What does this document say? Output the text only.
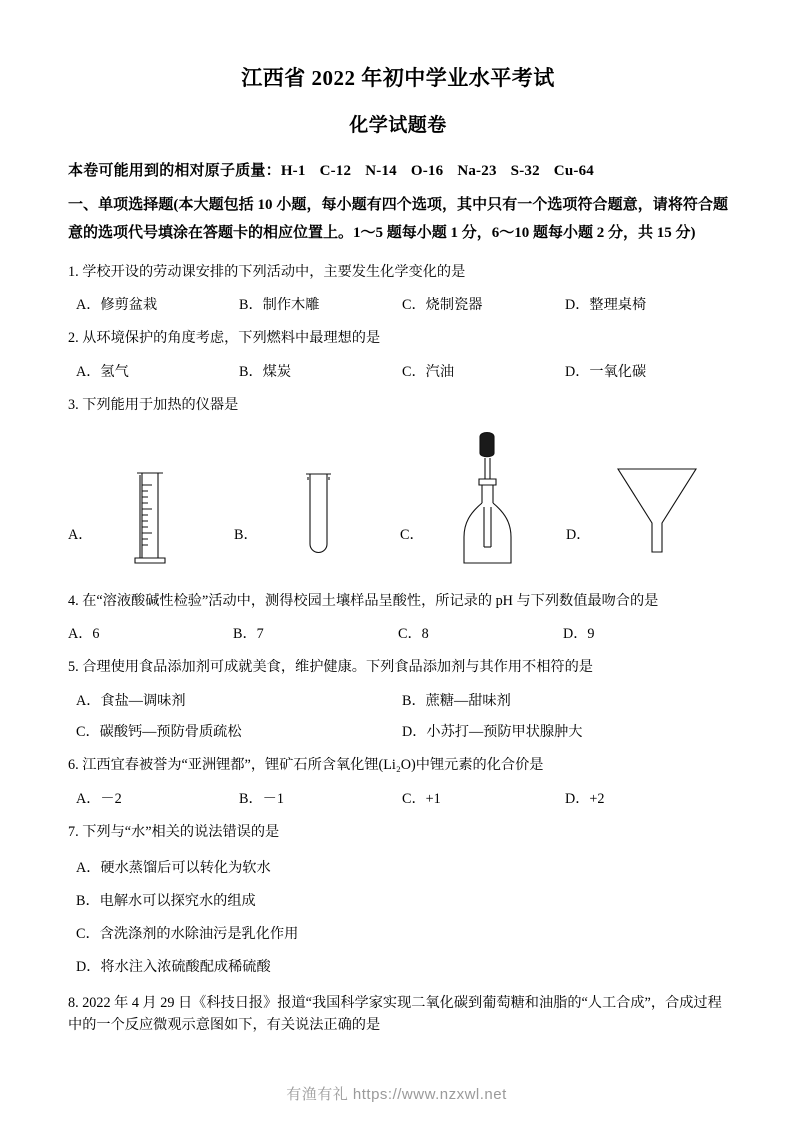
江西省 2022 年初中学业水平考试
化学试题卷
本卷可能用到的相对原子质量：H-1 C-12 N-14 O-16 Na-23 S-32 Cu-64
一、单项选择题(本大题包括 10 小题，每小题有四个选项，其中只有一个选项符合题意，请将符合题意的选项代号填涂在答题卡的相应位置上。1～5 题每小题 1 分，6～10 题每小题 2 分，共 15 分)
1. 学校开设的劳动课安排的下列活动中，主要发生化学变化的是
A．修剪盆栽	B．制作木雕	C．烧制瓷器	D．整理桌椅
2. 从环境保护的角度考虑，下列燃料中最理想的是
A．氢气	B．煤炭	C．汽油	D．一氧化碳
3. 下列能用于加热的仪器是
A．	B．	C．	D．
4. 在“溶液酸碱性检验”活动中，测得校园土壤样品呈酸性，所记录的 pH 与下列数值最吻合的是
A．6	B．7	C．8	D．9
5. 合理使用食品添加剂可成就美食，维护健康。下列食品添加剂与其作用不相符的是
A．食盐—调味剂	B．蔗糖—甜味剂
C．碳酸钙—预防骨质疏松	D．小苏打—预防甲状腺肿大
6. 江西宜春被誉为“亚洲锂都”，锂矿石所含氧化锂(Li₂O)中锂元素的化合价是
A．－2	B．－1	C．+1	D．+2
7. 下列与“水”相关的说法错误的是
A．硬水蒸馏后可以转化为软水
B．电解水可以探究水的组成
C．含洗涤剂的水除油污是乳化作用
D．将水注入浓硫酸配成稀硫酸
8. 2022 年 4 月 29 日《科技日报》报道“我国科学家实现二氧化碳到葡萄糖和油脂的“人工合成”，合成过程中的一个反应微观示意图如下，有关说法正确的是
有渔有礼 https://www.nzxwl.net
